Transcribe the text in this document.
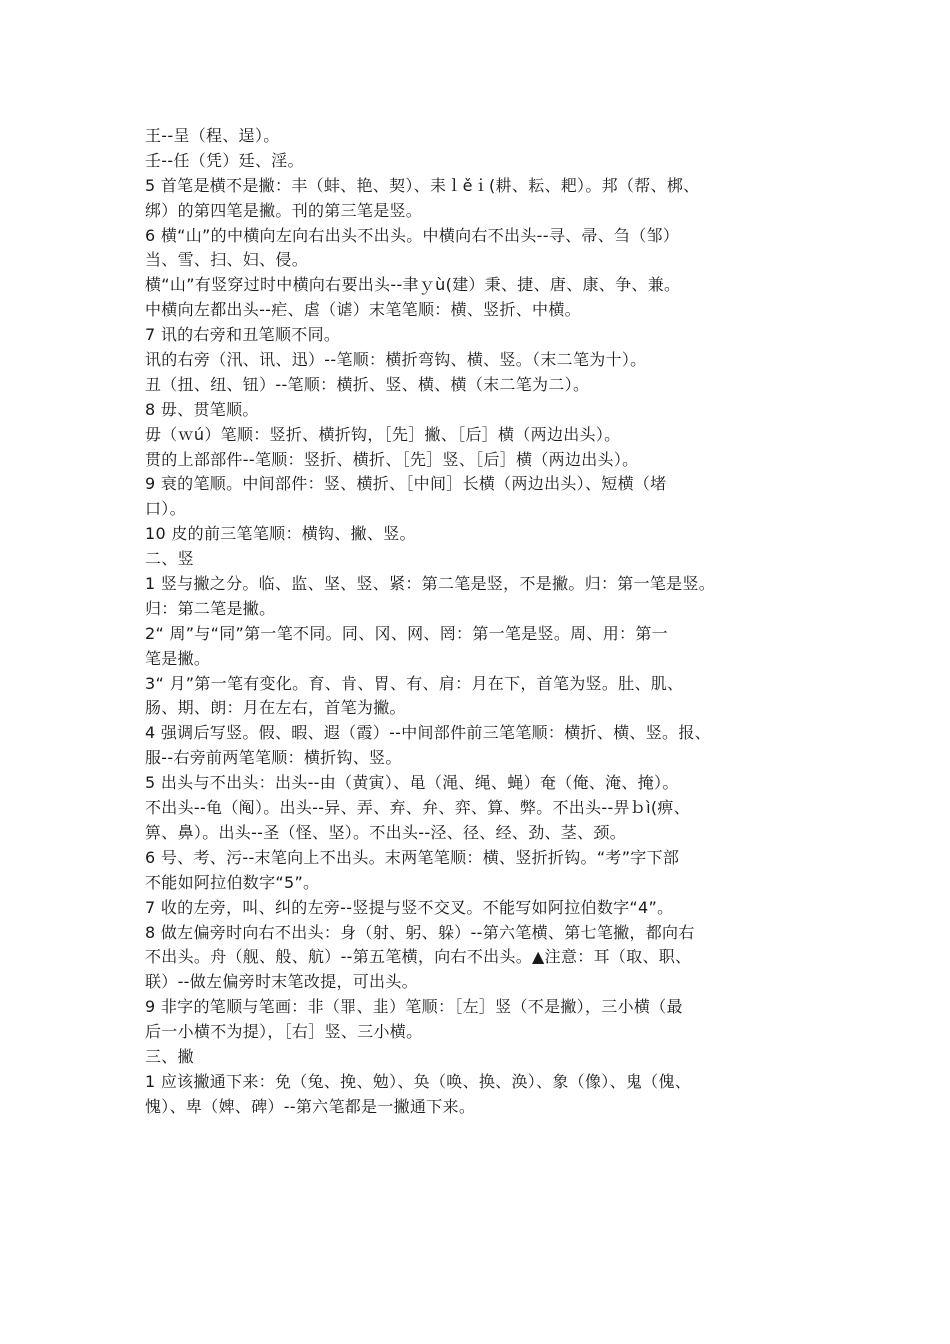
王--呈（程、逞）。
壬--任（凭）廷、淫。
5 首笔是横不是撇：丰（蚌、艳、契）、耒ｌěｉ(耕、耘、耙）。邦（帮、梆、
绑）的第四笔是撇。刊的第三笔是竖。
6 横“山”的中横向左向右出头不出头。中横向右不出头--寻、帚、刍（邹）
当、雪、扫、妇、侵。
横“山”有竖穿过时中横向右要出头--聿ｙù(建）秉、捷、唐、康、争、兼。
中横向左都出头--疟、虐（谑）末笔笔顺：横、竖折、中横。
7 讯的右旁和丑笔顺不同。
讯的右旁（汛、讯、迅）--笔顺：横折弯钩、横、竖。（末二笔为十）。
丑（扭、纽、钮）--笔顺：横折、竖、横、横（末二笔为二）。
8 毋、贯笔顺。
毋（ｗú）笔顺：竖折、横折钩，［先］撇、［后］横（两边出头）。
贯的上部部件--笔顺：竖折、横折、［先］竖、［后］横（两边出头）。
9 衰的笔顺。中间部件：竖、横折、［中间］长横（两边出头）、短横（堵
口）。
10 皮的前三笔笔顺：横钩、撇、竖。
二、竖
1 竖与撇之分。临、监、坚、竖、紧：第二笔是竖，不是撇。归：第一笔是竖。
归：第二笔是撇。
2“ 周”与“同”第一笔不同。同、冈、网、罔：第一笔是竖。周、用：第一
笔是撇。
3“ 月”第一笔有变化。育、肯、胃、有、肩：月在下，首笔为竖。肚、肌、
肠、期、朗：月在左右，首笔为撇。
4 强调后写竖。假、暇、遐（霞）--中间部件前三笔笔顺：横折、横、竖。报、
服--右旁前两笔笔顺：横折钩、竖。
5 出头与不出头：出头--由（黄寅）、黾（渑、绳、蝇）奄（俺、淹、掩）。
不出头--龟（阄）。出头--异、弄、弃、弁、弈、算、弊。不出头--畀ｂì(痹、
箅、鼻）。出头--圣（怪、坚）。不出头--泾、径、经、劲、茎、颈。
6 号、考、污--末笔向上不出头。末两笔笔顺：横、竖折折钩。“考”字下部
不能如阿拉伯数字“5”。
7 收的左旁，叫、纠的左旁--竖提与竖不交叉。不能写如阿拉伯数字“4”。
8 做左偏旁时向右不出头：身（射、躬、躲）--第六笔横、第七笔撇，都向右
不出头。舟（舰、般、航）--第五笔横，向右不出头。▲注意：耳（取、职、
联）--做左偏旁时末笔改提，可出头。
9 非字的笔顺与笔画：非（罪、韭）笔顺：［左］竖（不是撇），三小横（最
后一小横不为提），［右］竖、三小横。
三、撇
1 应该撇通下来：免（兔、挽、勉）、奂（唤、换、涣）、象（像）、鬼（傀、
愧）、卑（婢、碑）--第六笔都是一撇通下来。
